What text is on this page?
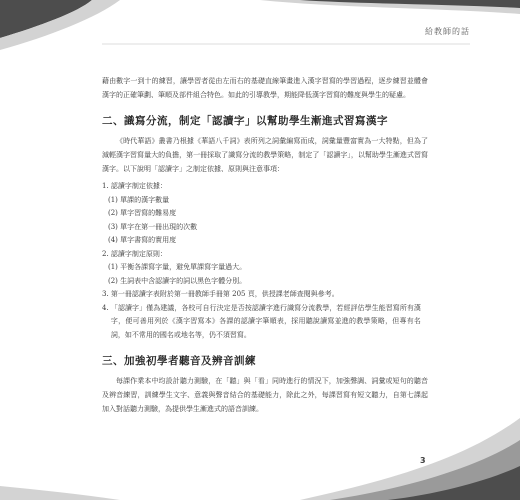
給教師的話

藉由數字一到十的練習，讓學習者從由左而右的基礎直線筆畫進入漢字習寫的學習過程，逐步練習並體會漢字的正確筆劃、筆順及部件組合特色。如此的引導教學，期能降低漢字習寫的難度與學生的疑慮。

二、識寫分流，制定「認讀字」以幫助學生漸進式習寫漢字

《時代華語》叢書乃根據《華語八千詞》表所列之詞彙編寫而成，詞彙量豐富實為一大特點，但為了減輕漢字習寫量大的負擔，第一冊採取了識寫分流的教學策略，制定了「認讀字」，以幫助學生漸進式習寫漢字。以下說明「認讀字」之制定依據、原則與注意事項：

1. 認讀字制定依據：

(1) 單課的漢字數量

(2) 單字習寫的難易度

(3) 單字在第一冊出現的次數

(4) 單字書寫的實用度

2. 認讀字制定原則：

(1) 平衡各課寫字量，避免單課寫字量過大。

(2) 生詞表中含認讀字的詞以黑色字體分別。

3. 第一冊認讀字表附於第一冊教師手冊第 205 頁，供授課老師查閱與參考。

4. 「認讀字」僅為建議，各校可自行決定是否按認讀字進行識寫分流教學，若經評估學生能習寫所有漢字，便可善用列於《漢字習寫本》各課的認讀字筆順表，採用聽說讀寫並進的教學策略，但專有名詞，如不常用的國名或地名等，仍不須習寫。

三、加強初學者聽音及辨音訓練

每課作業本中均設計聽力測驗，在「聽」與「看」同時進行的情況下，加強聲調、詞彙或短句的聽音及辨音練習，訓練學生文字、意義與聲音結合的基礎能力，除此之外，每課習寫有短文聽力，自第七課起加入對話聽力測驗，為提供學生漸進式的語音訓練。

3
